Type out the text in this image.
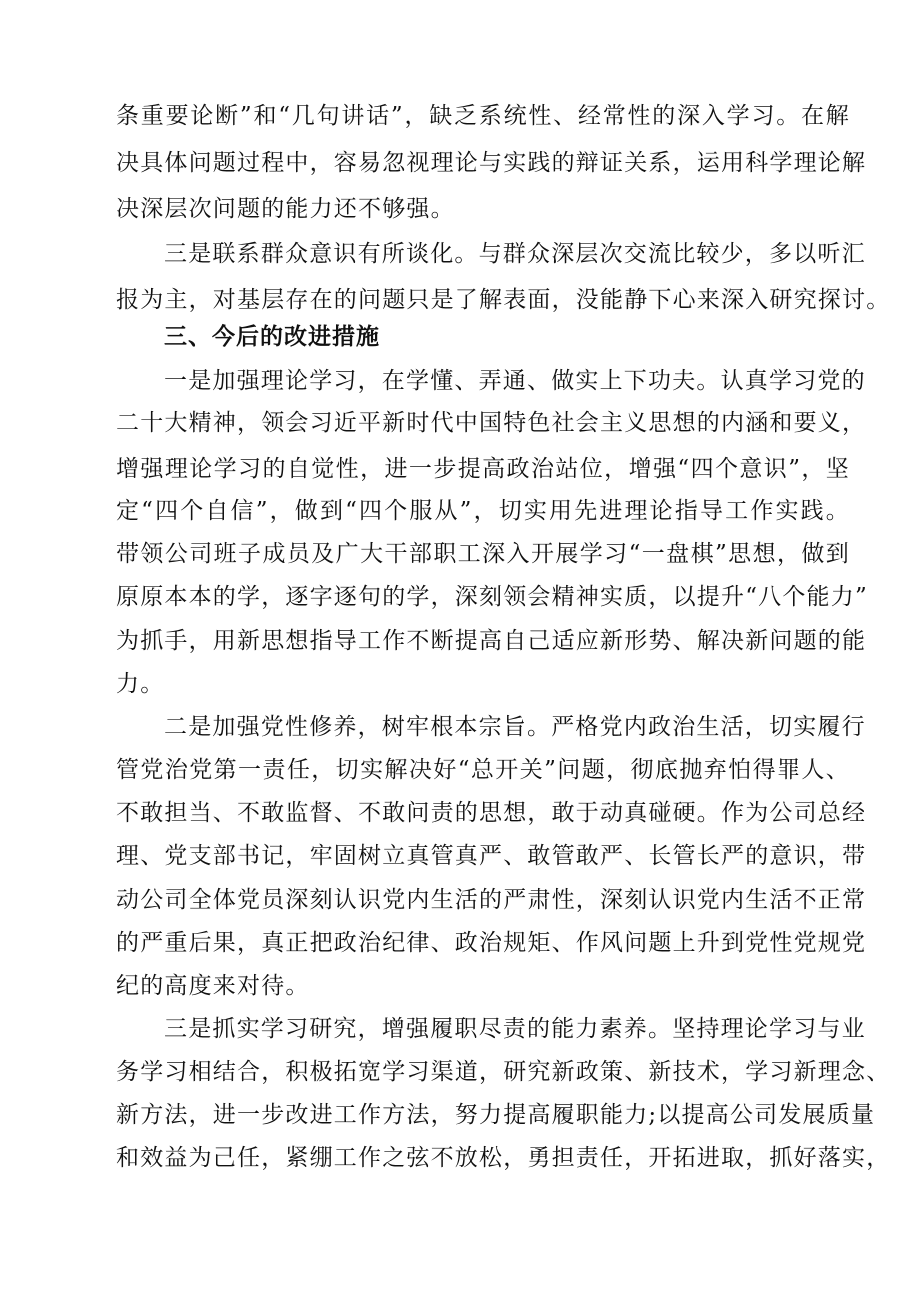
条重要论断”和“几句讲话”，缺乏系统性、经常性的深入学习。在解
决具体问题过程中，容易忽视理论与实践的辩证关系，运用科学理论解
决深层次问题的能力还不够强。
三是联系群众意识有所谈化。与群众深层次交流比较少，多以听汇
报为主，对基层存在的问题只是了解表面，没能静下心来深入研究探讨。
三、今后的改进措施
一是加强理论学习，在学懂、弄通、做实上下功夫。认真学习党的
二十大精神，领会习近平新时代中国特色社会主义思想的内涵和要义，
增强理论学习的自觉性，进一步提高政治站位，增强“四个意识”，坚
定“四个自信”，做到“四个服从”，切实用先进理论指导工作实践。
带领公司班子成员及广大干部职工深入开展学习“一盘棋”思想，做到
原原本本的学，逐字逐句的学，深刻领会精神实质，以提升“八个能力”
为抓手，用新思想指导工作不断提高自己适应新形势、解决新问题的能
力。
二是加强党性修养，树牢根本宗旨。严格党内政治生活，切实履行
管党治党第一责任，切实解决好“总开关”问题，彻底抛弃怕得罪人、
不敢担当、不敢监督、不敢问责的思想，敢于动真碰硬。作为公司总经
理、党支部书记，牢固树立真管真严、敢管敢严、长管长严的意识，带
动公司全体党员深刻认识党内生活的严肃性，深刻认识党内生活不正常
的严重后果，真正把政治纪律、政治规矩、作风问题上升到党性党规党
纪的高度来对待。
三是抓实学习研究，增强履职尽责的能力素养。坚持理论学习与业
务学习相结合，积极拓宽学习渠道，研究新政策、新技术，学习新理念、
新方法，进一步改进工作方法，努力提高履职能力;以提高公司发展质量
和效益为己任，紧绷工作之弦不放松，勇担责任，开拓进取，抓好落实，
